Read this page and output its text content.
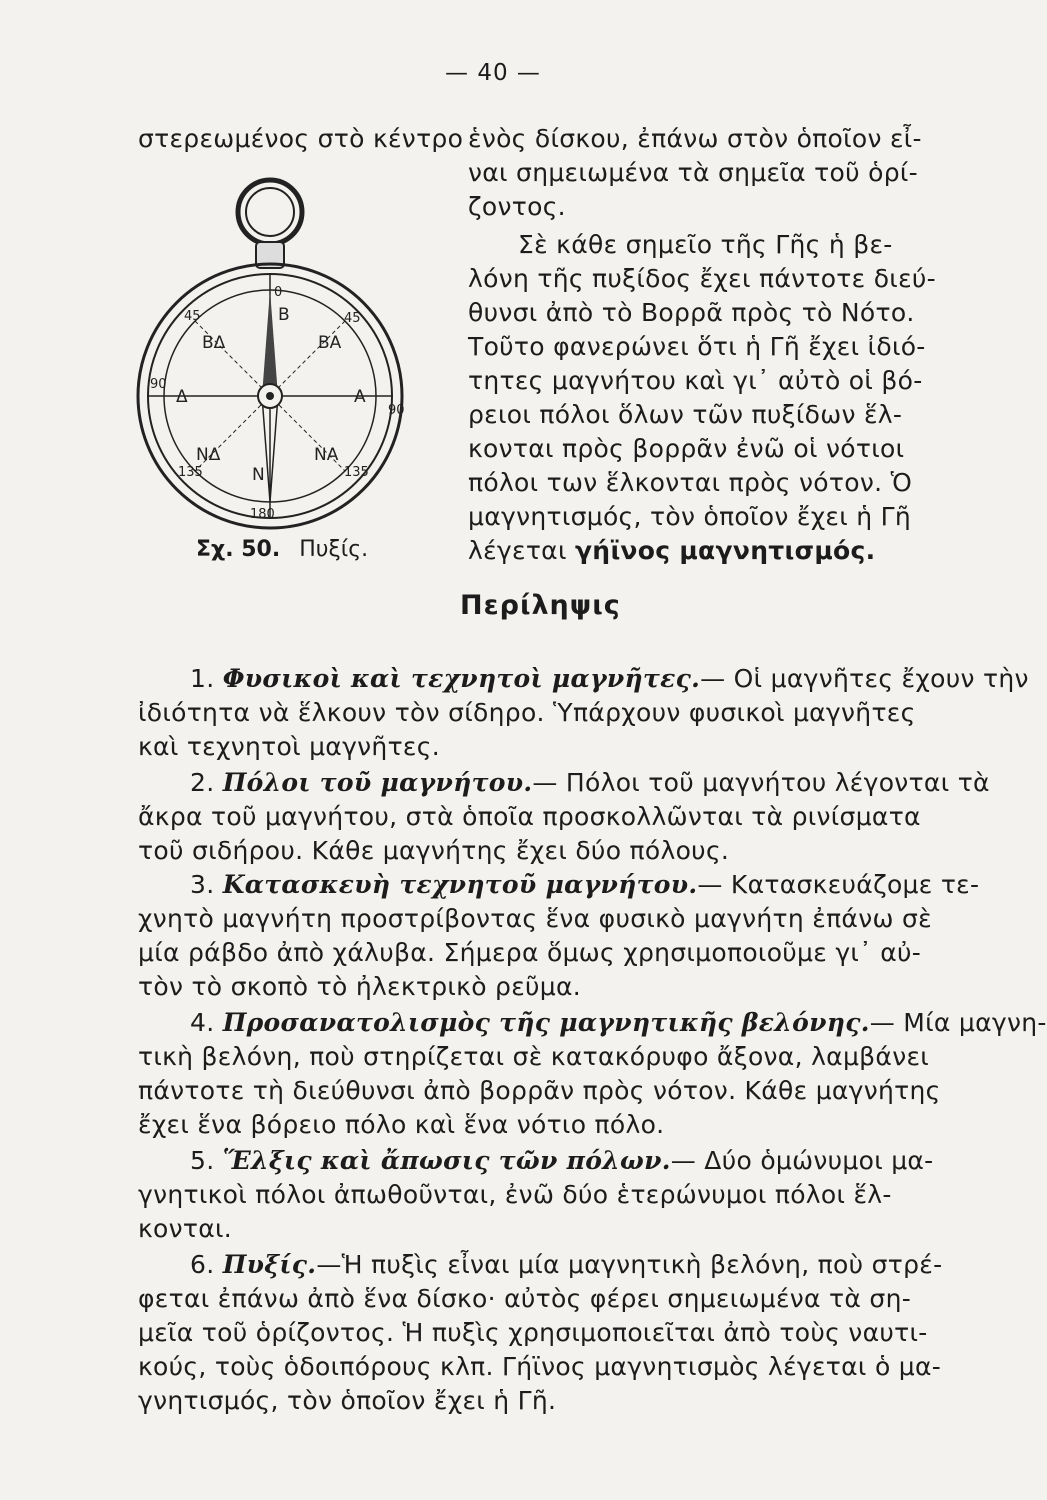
— 40 —
στερεωμένος στὸ κέντρο ἑνὸς δίσκου, ἐπάνω στὸν ὁποῖον εἶ-
ναι σημειωμένα τὰ σημεῖα τοῦ ὁρί-
ζοντος.
Σὲ κάθε σημεῖο τῆς Γῆς ἡ βε-
λόνη τῆς πυξίδος ἔχει πάντοτε διεύ-
θυνσι ἀπὸ τὸ Βορρᾶ πρὸς τὸ Νότο.
Τοῦτο φανερώνει ὅτι ἡ Γῆ ἔχει ἰδιό-
τητες μαγνήτου καὶ γι᾽ αὐτὸ οἱ βό-
ρειοι πόλοι ὅλων τῶν πυξίδων ἕλ-
κονται πρὸς βορρᾶν ἐνῶ οἱ νότιοι
πόλοι των ἕλκονται πρὸς νότον. Ὁ
μαγνητισμός, τὸν ὁποῖον ἔχει ἡ Γῆ
λέγεται γήϊνος μαγνητισμός.
0
45
90
135
180
135
90
45	B
BΔ	BA
A
Δ
NΔ	NA
N
Σχ. 50. Πυξίς.
Περίληψις
1. Φυσικοὶ καὶ τεχνητοὶ μαγνῆτες.— Οἱ μαγνῆτες ἔχουν τὴν
ἰδιότητα νὰ ἕλκουν τὸν σίδηρο. Ὑπάρχουν φυσικοὶ μαγνῆτες
καὶ τεχνητοὶ μαγνῆτες.
2. Πόλοι τοῦ μαγνήτου.— Πόλοι τοῦ μαγνήτου λέγονται τὰ
ἄκρα τοῦ μαγνήτου, στὰ ὁποῖα προσκολλῶνται τὰ ρινίσματα
τοῦ σιδήρου. Κάθε μαγνήτης ἔχει δύο πόλους.
3. Κατασκευὴ τεχνητοῦ μαγνήτου.— Κατασκευάζομε τε-
χνητὸ μαγνήτη προστρίβοντας ἕνα φυσικὸ μαγνήτη ἐπάνω σὲ
μία ράβδο ἀπὸ χάλυβα. Σήμερα ὅμως χρησιμοποιοῦμε γι᾽ αὐ-
τὸν τὸ σκοπὸ τὸ ἠλεκτρικὸ ρεῦμα.
4. Προσανατολισμὸς τῆς μαγνητικῆς βελόνης.— Μία μαγνη-
τικὴ βελόνη, ποὺ στηρίζεται σὲ κατακόρυφο ἄξονα, λαμβάνει
πάντοτε τὴ διεύθυνσι ἀπὸ βορρᾶν πρὸς νότον. Κάθε μαγνήτης
ἔχει ἕνα βόρειο πόλο καὶ ἕνα νότιο πόλο.
5. Ἕλξις καὶ ἄπωσις τῶν πόλων.— Δύο ὁμώνυμοι μα-
γνητικοὶ πόλοι ἀπωθοῦνται, ἐνῶ δύο ἑτερώνυμοι πόλοι ἕλ-
κονται.
6. Πυξίς.—Ἡ πυξὶς εἶναι μία μαγνητικὴ βελόνη, ποὺ στρέ-
φεται ἐπάνω ἀπὸ ἕνα δίσκο· αὐτὸς φέρει σημειωμένα τὰ ση-
μεῖα τοῦ ὁρίζοντος. Ἡ πυξὶς χρησιμοποιεῖται ἀπὸ τοὺς ναυτι-
κούς, τοὺς ὁδοιπόρους κλπ. Γήϊνος μαγνητισμὸς λέγεται ὁ μα-
γνητισμός, τὸν ὁποῖον ἔχει ἡ Γῆ.
